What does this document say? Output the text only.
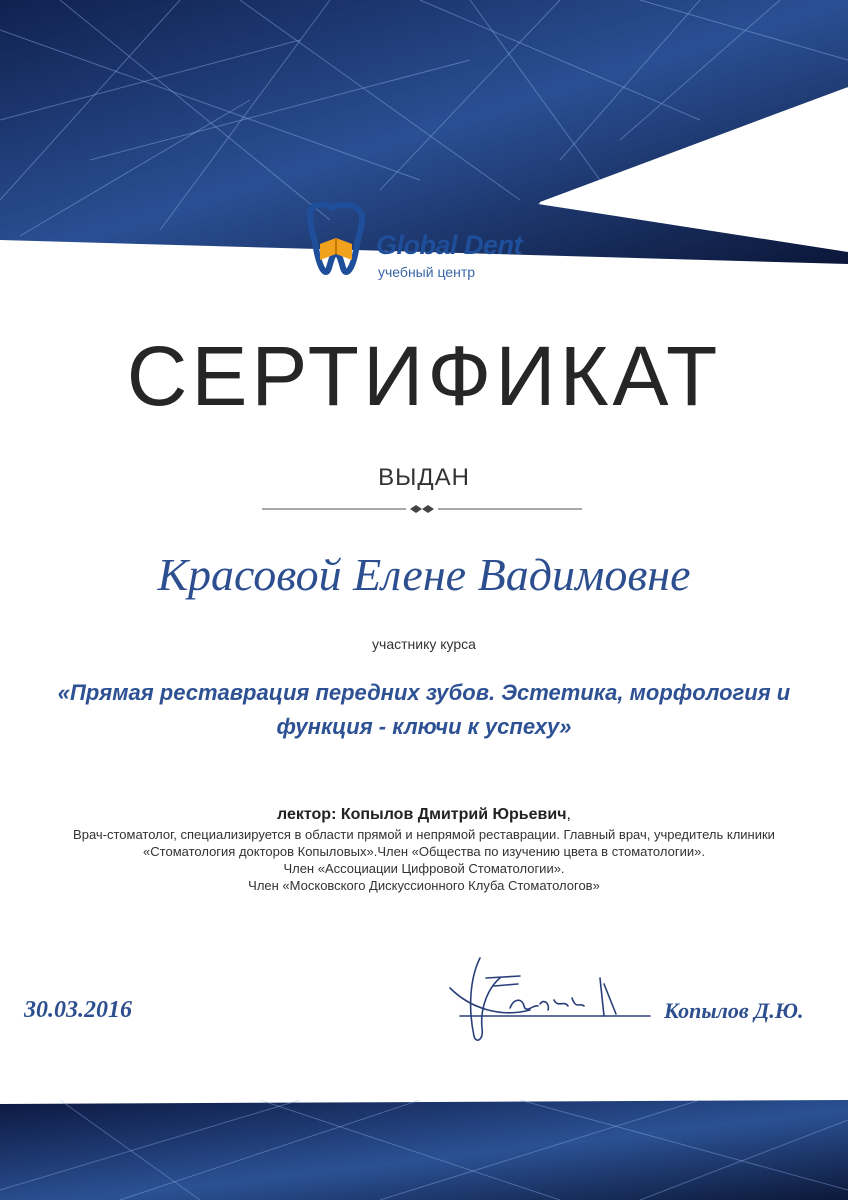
Global Dent
учебный центр
СЕРТИФИКАТ
ВЫДАН
Красовой Елене Вадимовне
участнику курса
«Прямая реставрация передних зубов. Эстетика, морфология и
функция - ключи к успеху»
лектор: Копылов Дмитрий Юрьевич,
Врач-стоматолог, специализируется в области прямой и непрямой реставрации. Главный врач, учредитель клиники
«Стоматология докторов Копыловых».Член «Общества по изучению цвета в стоматологии».
Член «Ассоциации Цифровой Стоматологии».
Член «Московского Дискуссионного Клуба Стоматологов»
30.03.2016	Копылов Д.Ю.
